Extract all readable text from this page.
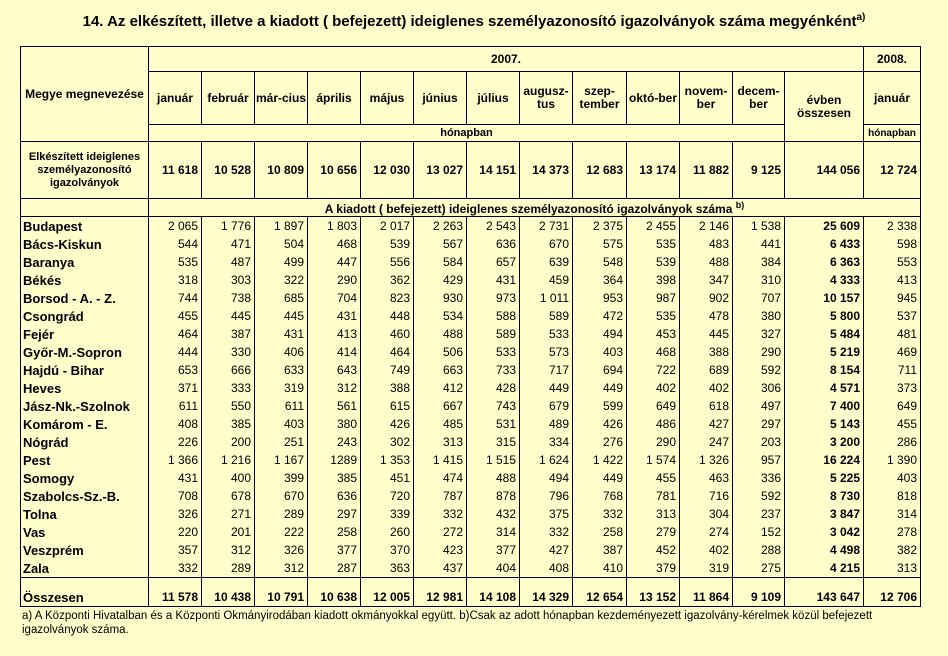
14. Az elkészített, illetve a kiadott ( befejezett) ideiglenes személyazonosító igazolványok száma megyénként$^{a)}$
Megye megnevezése	2007.													2008.
	január	február	már-cius	április	május	június	július	augusz-tus	szep-tember	októ-ber	novem-ber	decem-ber	évben összesen	január
	hónapban													hónapban
Elkészített ideiglenes személyazonosító igazolványok	11 618	10 528	10 809	10 656	12 030	13 027	14 151	14 373	12 683	13 174	11 882	9 125	144 056	12 724
	A kiadott ( befejezett) ideiglenes személyazonosító igazolványok száma $^{b)}$
Budapest	2 065	1 776	1 897	1 803	2 017	2 263	2 543	2 731	2 375	2 455	2 146	1 538	25 609	2 338
Bács-Kiskun	544	471	504	468	539	567	636	670	575	535	483	441	6 433	598
Baranya	535	487	499	447	556	584	657	639	548	539	488	384	6 363	553
Békés	318	303	322	290	362	429	431	459	364	398	347	310	4 333	413
Borsod - A. - Z.	744	738	685	704	823	930	973	1 011	953	987	902	707	10 157	945
Csongrád	455	445	445	431	448	534	588	589	472	535	478	380	5 800	537
Fejér	464	387	431	413	460	488	589	533	494	453	445	327	5 484	481
Győr-M.-Sopron	444	330	406	414	464	506	533	573	403	468	388	290	5 219	469
Hajdú - Bihar	653	666	633	643	749	663	733	717	694	722	689	592	8 154	711
Heves	371	333	319	312	388	412	428	449	449	402	402	306	4 571	373
Jász-Nk.-Szolnok	611	550	611	561	615	667	743	679	599	649	618	497	7 400	649
Komárom - E.	408	385	403	380	426	485	531	489	426	486	427	297	5 143	455
Nógrád	226	200	251	243	302	313	315	334	276	290	247	203	3 200	286
Pest	1 366	1 216	1 167	1289	1 353	1 415	1 515	1 624	1 422	1 574	1 326	957	16 224	1 390
Somogy	431	400	399	385	451	474	488	494	449	455	463	336	5 225	403
Szabolcs-Sz.-B.	708	678	670	636	720	787	878	796	768	781	716	592	8 730	818
Tolna	326	271	289	297	339	332	432	375	332	313	304	237	3 847	314
Vas	220	201	222	258	260	272	314	332	258	279	274	152	3 042	278
Veszprém	357	312	326	377	370	423	377	427	387	452	402	288	4 498	382
Zala	332	289	312	287	363	437	404	408	410	379	319	275	4 215	313
Összesen	11 578	10 438	10 791	10 638	12 005	12 981	14 108	14 329	12 654	13 152	11 864	9 109	143 647	12 706
a) A Központi Hivatalban és a Központi Okmányirodában kiadott okmányokkal együtt. b)Csak az adott hónapban kezdeményezett igazolvány-kérelmek közül befejezett igazolványok száma.
